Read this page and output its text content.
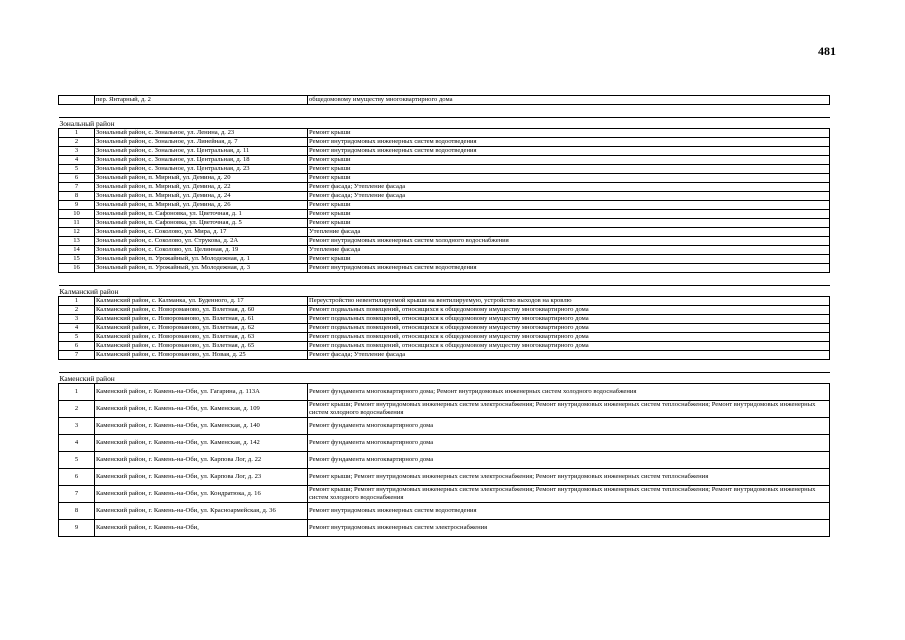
481
	пер. Янтарный, д. 2	общедомовому имуществу многоквартирного дома

Зональный район		
1	Зональный район, с. Зональное, ул. Ленина, д. 23	Ремонт крыши
2	Зональный район, с. Зональное, ул. Линейная, д. 7	Ремонт внутридомовых инженерных систем водоотведения
3	Зональный район, с. Зональное, ул. Центральная, д. 11	Ремонт внутридомовых инженерных систем водоотведения
4	Зональный район, с. Зональное, ул. Центральная, д. 18	Ремонт крыши
5	Зональный район, с. Зональное, ул. Центральная, д. 23	Ремонт крыши
6	Зональный район, п. Мирный, ул. Демина, д. 20	Ремонт крыши
7	Зональный район, п. Мирный, ул. Демина, д. 22	Ремонт фасада; Утепление фасада
8	Зональный район, п. Мирный, ул. Демина, д. 24	Ремонт фасада; Утепление фасада
9	Зональный район, п. Мирный, ул. Демина, д. 26	Ремонт крыши
10	Зональный район, п. Сафоновка, ул. Цветочная, д. 1	Ремонт крыши
11	Зональный район, п. Сафоновка, ул. Цветочная, д. 5	Ремонт крыши
12	Зональный район, с. Соколово, ул. Мира, д. 17	Утепление фасада
13	Зональный район, с. Соколово, ул. Струкова, д. 2А	Ремонт внутридомовых инженерных систем холодного водоснабжения
14	Зональный район, с. Соколово, ул. Целинная, д. 19	Утепление фасада
15	Зональный район, п. Урожайный, ул. Молодежная, д. 1	Ремонт крыши
16	Зональный район, п. Урожайный, ул. Молодежная, д. 3	Ремонт внутридомовых инженерных систем водоотведения

Калманский район		
1	Калманский район, с. Калманка, ул. Буденного, д. 17	Переустройство невентилируемой крыши на вентилируемую, устройство выходов на кровлю
2	Калманский район, с. Новороманово, ул. Взлетная, д. 60	Ремонт подвальных помещений, относящихся к общедомовому имуществу многоквартирного дома
3	Калманский район, с. Новороманово, ул. Взлетная, д. 61	Ремонт подвальных помещений, относящихся к общедомовому имуществу многоквартирного дома
4	Калманский район, с. Новороманово, ул. Взлетная, д. 62	Ремонт подвальных помещений, относящихся к общедомовому имуществу многоквартирного дома
5	Калманский район, с. Новороманово, ул. Взлетная, д. 63	Ремонт подвальных помещений, относящихся к общедомовому имуществу многоквартирного дома
6	Калманский район, с. Новороманово, ул. Взлетная, д. 65	Ремонт подвальных помещений, относящихся к общедомовому имуществу многоквартирного дома
7	Калманский район, с. Новороманово, ул. Новая, д. 25	Ремонт фасада; Утепление фасада

Каменский район		
1	Каменский район, г. Камень-на-Оби, ул. Гагарина, д. 113А	Ремонт фундамента многоквартирного дома; Ремонт внутридомовых инженерных систем холодного водоснабжения
2	Каменский район, г. Камень-на-Оби, ул. Каменская, д. 109	Ремонт крыши; Ремонт внутридомовых инженерных систем электроснабжения; Ремонт внутридомовых инженерных систем теплоснабжения; Ремонт внутридомовых инженерных систем холодного водоснабжения
3	Каменский район, г. Камень-на-Оби, ул. Каменская, д. 140	Ремонт фундамента многоквартирного дома
4	Каменский район, г. Камень-на-Оби, ул. Каменская, д. 142	Ремонт фундамента многоквартирного дома
5	Каменский район, г. Камень-на-Оби, ул. Карпова Лог, д. 22	Ремонт фундамента многоквартирного дома
6	Каменский район, г. Камень-на-Оби, ул. Карпова Лог, д. 23	Ремонт крыши; Ремонт внутридомовых инженерных систем электроснабжения; Ремонт внутридомовых инженерных систем теплоснабжения
7	Каменский район, г. Камень-на-Оби, ул. Кондратюка, д. 16	Ремонт крыши; Ремонт внутридомовых инженерных систем электроснабжения; Ремонт внутридомовых инженерных систем теплоснабжения; Ремонт внутридомовых инженерных систем холодного водоснабжения
8	Каменский район, г. Камень-на-Оби, ул. Красноармейская, д. 36	Ремонт внутридомовых инженерных систем водоотведения
9	Каменский район, г. Камень-на-Оби,	Ремонт внутридомовых инженерных систем электроснабжения
